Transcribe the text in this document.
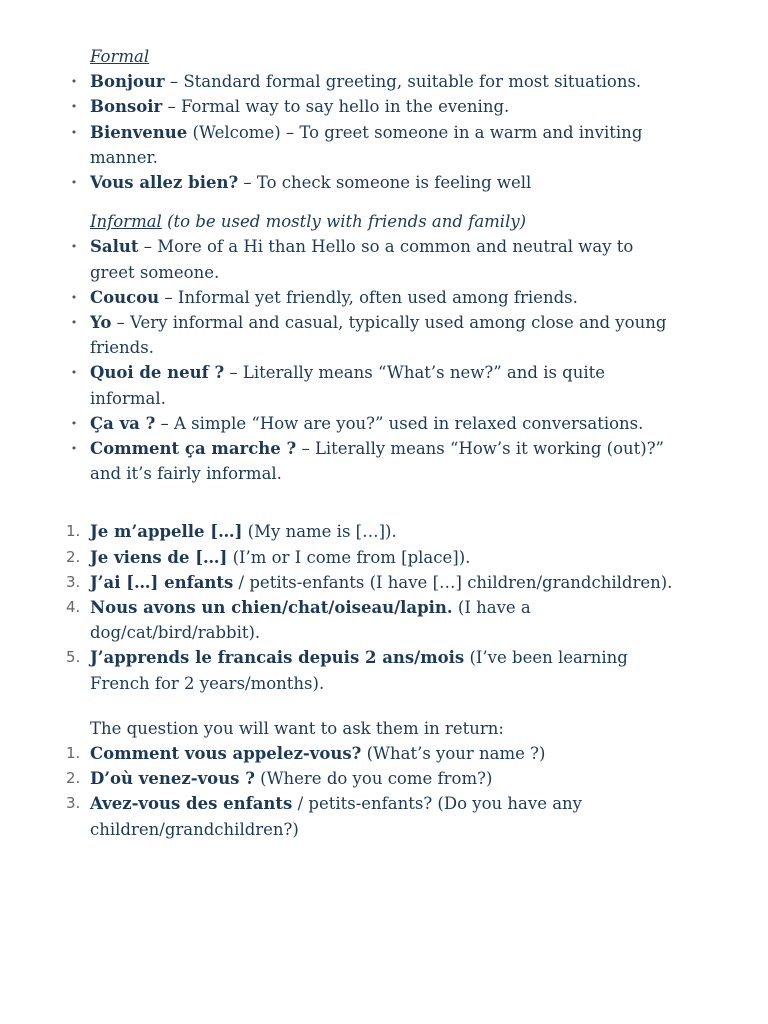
Formal

• Bonjour – Standard formal greeting, suitable for most situations.
• Bonsoir – Formal way to say hello in the evening.
• Bienvenue (Welcome) – To greet someone in a warm and inviting manner.
• Vous allez bien? – To check someone is feeling well

Informal (to be used mostly with friends and family)

• Salut – More of a Hi than Hello so a common and neutral way to greet someone.
• Coucou – Informal yet friendly, often used among friends.
• Yo – Very informal and casual, typically used among close and young friends.
• Quoi de neuf ? – Literally means “What’s new?” and is quite informal.
• Ça va ? – A simple “How are you?” used in relaxed conversations.
• Comment ça marche ? – Literally means “How’s it working (out)?” and it’s fairly informal.
1. Je m’appelle […] (My name is […]).
2. Je viens de […] (I’m or I come from [place]).
3. J’ai […] enfants / petits-enfants (I have […] children/grandchildren).
4. Nous avons un chien/chat/oiseau/lapin. (I have a dog/cat/bird/rabbit).
5. J’apprends le francais depuis 2 ans/mois (I’ve been learning French for 2 years/months).

The question you will want to ask them in return:

1. Comment vous appelez-vous? (What’s your name ?)
2. D’où venez-vous ? (Where do you come from?)
3. Avez-vous des enfants / petits-enfants? (Do you have any children/grandchildren?)
